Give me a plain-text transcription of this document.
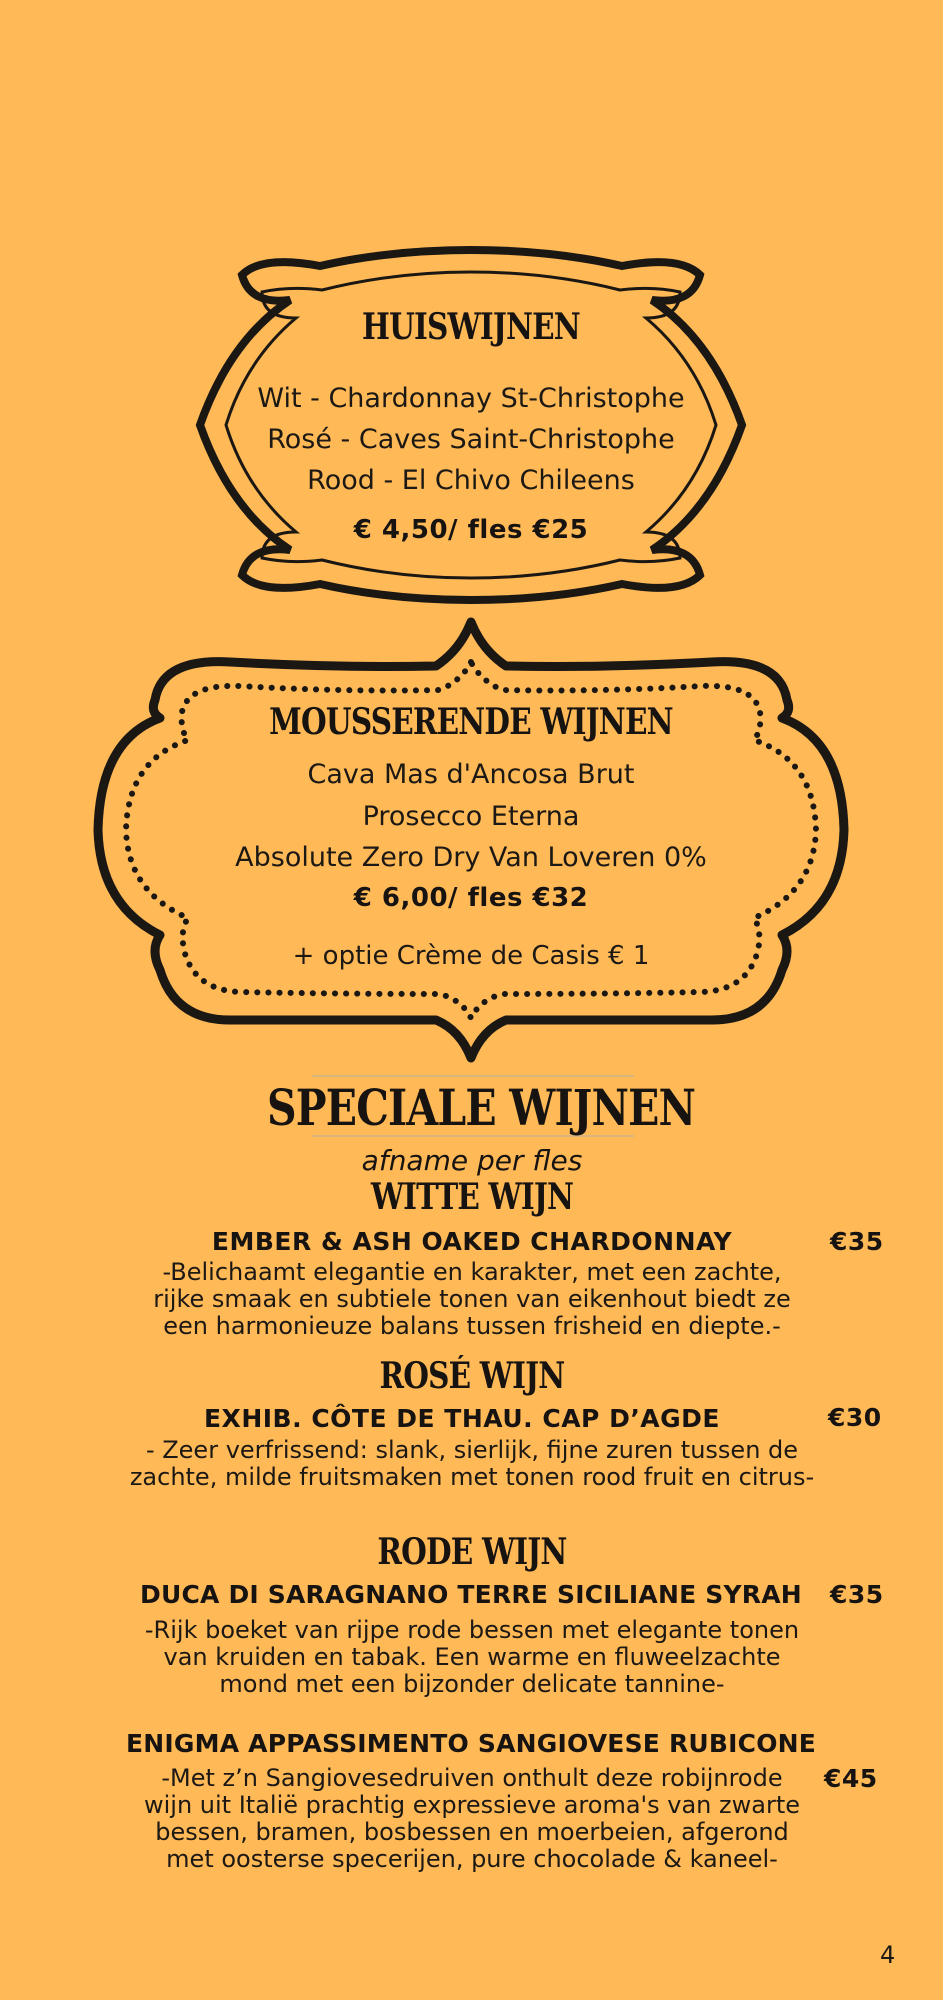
HUISWIJNEN
Wit - Chardonnay St-Christophe
Rosé - Caves Saint-Christophe
Rood - El Chivo Chileens
€ 4,50/ fles €25
MOUSSERENDE WIJNEN
Cava Mas d'Ancosa Brut
Prosecco Eterna
Absolute Zero Dry Van Loveren 0%
€ 6,00/ fles €32
+ optie Crème de Casis € 1
SPECIALE WIJNEN
afname per fles
WITTE WIJN
EMBER & ASH OAKED CHARDONNAY	€35
-Belichaamt elegantie en karakter, met een zachte,
rijke smaak en subtiele tonen van eikenhout biedt ze
een harmonieuze balans tussen frisheid en diepte.-
ROSÉ WIJN
EXHIB. CÔTE DE THAU. CAP D’AGDE	€30
- Zeer verfrissend: slank, sierlijk, fijne zuren tussen de
zachte, milde fruitsmaken met tonen rood fruit en citrus-
RODE WIJN
DUCA DI SARAGNANO TERRE SICILIANE SYRAH €35
-Rijk boeket van rijpe rode bessen met elegante tonen
van kruiden en tabak. Een warme en fluweelzachte
mond met een bijzonder delicate tannine-
ENIGMA APPASSIMENTO SANGIOVESE RUBICONE
€45
-Met z’n Sangiovesedruiven onthult deze robijnrode
wijn uit Italië prachtig expressieve aroma's van zwarte
bessen, bramen, bosbessen en moerbeien, afgerond
met oosterse specerijen, pure chocolade & kaneel-
4
